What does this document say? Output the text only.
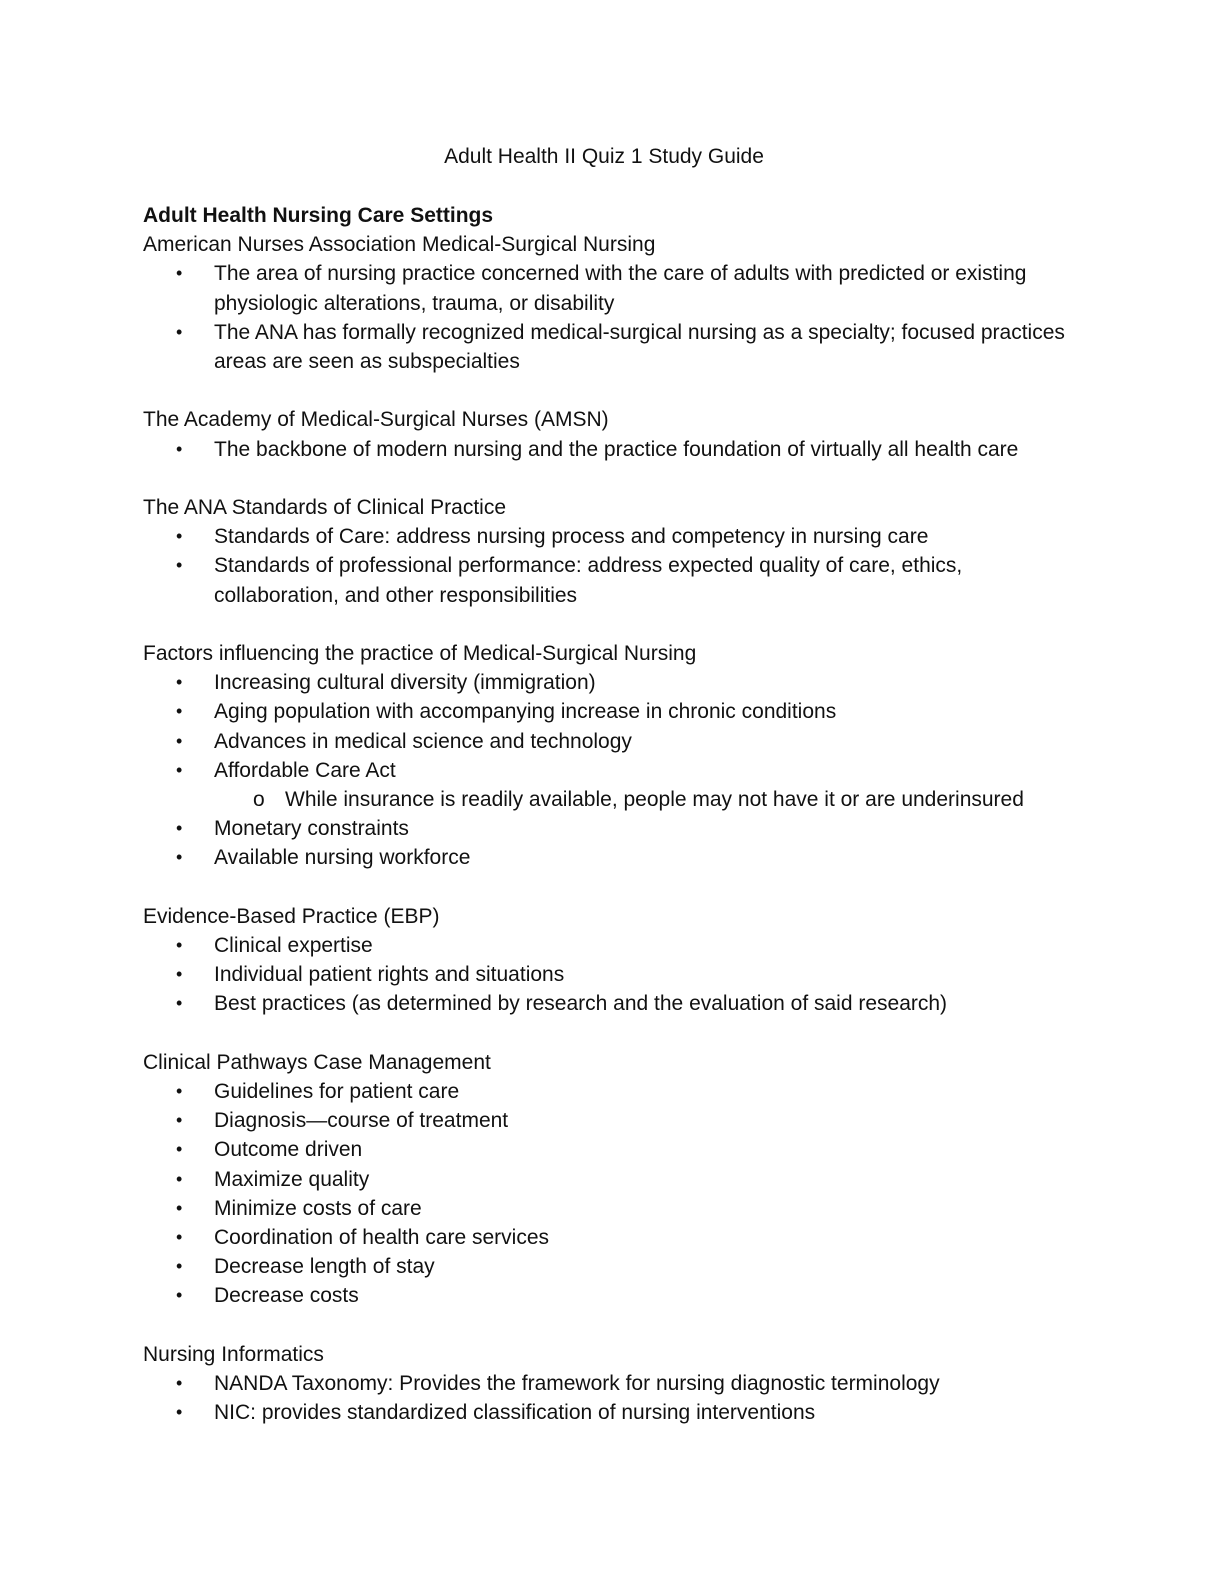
Adult Health II Quiz 1 Study Guide

Adult Health Nursing Care Settings

American Nurses Association Medical-Surgical Nursing

• The area of nursing practice concerned with the care of adults with predicted or existing physiologic alterations, trauma, or disability
• The ANA has formally recognized medical-surgical nursing as a specialty; focused practices areas are seen as subspecialties

The Academy of Medical-Surgical Nurses (AMSN)

• The backbone of modern nursing and the practice foundation of virtually all health care

The ANA Standards of Clinical Practice

• Standards of Care: address nursing process and competency in nursing care
• Standards of professional performance: address expected quality of care, ethics, collaboration, and other responsibilities

Factors influencing the practice of Medical-Surgical Nursing

• Increasing cultural diversity (immigration)
• Aging population with accompanying increase in chronic conditions
• Advances in medical science and technology
• Affordable Care Act
o While insurance is readily available, people may not have it or are underinsured
• Monetary constraints
• Available nursing workforce

Evidence-Based Practice (EBP)

• Clinical expertise
• Individual patient rights and situations
• Best practices (as determined by research and the evaluation of said research)

Clinical Pathways Case Management

• Guidelines for patient care
• Diagnosis—course of treatment
• Outcome driven
• Maximize quality
• Minimize costs of care
• Coordination of health care services
• Decrease length of stay
• Decrease costs

Nursing Informatics

• NANDA Taxonomy: Provides the framework for nursing diagnostic terminology
• NIC: provides standardized classification of nursing interventions
